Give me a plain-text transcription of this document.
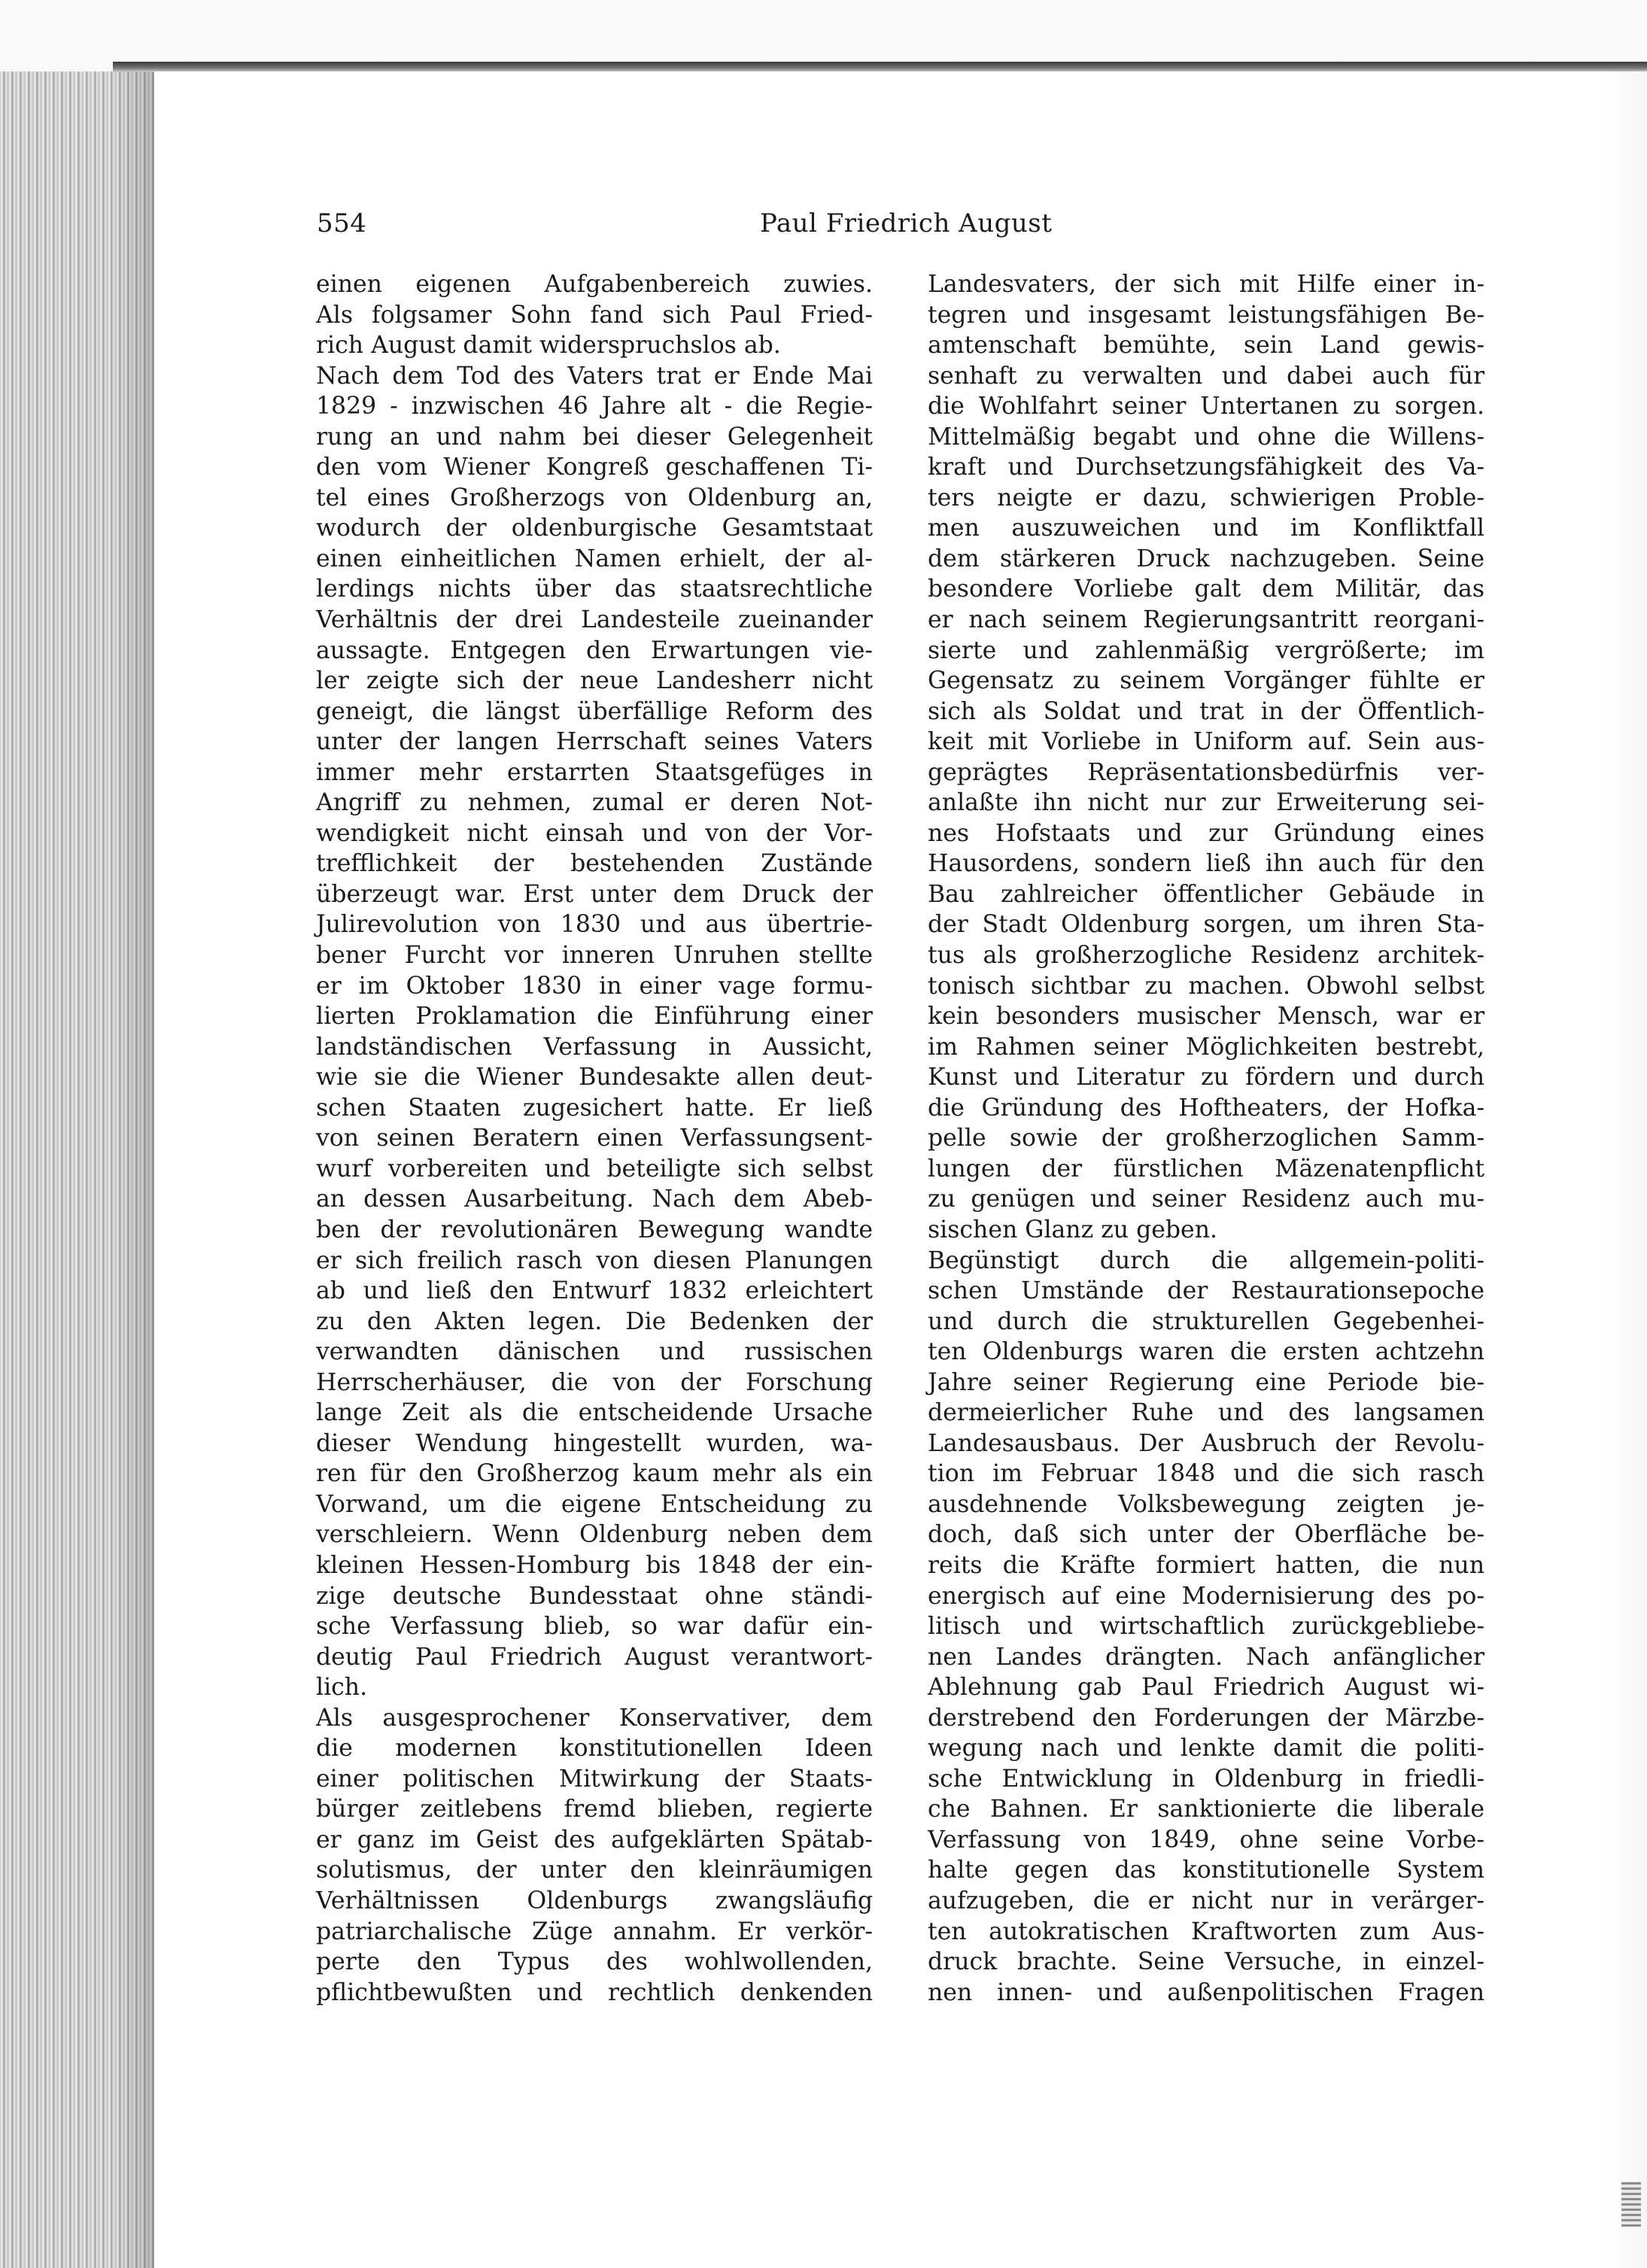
554	Paul Friedrich August
einen eigenen Aufgabenbereich zuwies.
Als folgsamer Sohn fand sich Paul Fried-
rich August damit widerspruchslos ab.
Nach dem Tod des Vaters trat er Ende Mai
1829 - inzwischen 46 Jahre alt - die Regie-
rung an und nahm bei dieser Gelegenheit
den vom Wiener Kongreß geschaffenen Ti-
tel eines Großherzogs von Oldenburg an,
wodurch der oldenburgische Gesamtstaat
einen einheitlichen Namen erhielt, der al-
lerdings nichts über das staatsrechtliche
Verhältnis der drei Landesteile zueinander
aussagte. Entgegen den Erwartungen vie-
ler zeigte sich der neue Landesherr nicht
geneigt, die längst überfällige Reform des
unter der langen Herrschaft seines Vaters
immer mehr erstarrten Staatsgefüges in
Angriff zu nehmen, zumal er deren Not-
wendigkeit nicht einsah und von der Vor-
trefflichkeit der bestehenden Zustände
überzeugt war. Erst unter dem Druck der
Julirevolution von 1830 und aus übertrie-
bener Furcht vor inneren Unruhen stellte
er im Oktober 1830 in einer vage formu-
lierten Proklamation die Einführung einer
landständischen Verfassung in Aussicht,
wie sie die Wiener Bundesakte allen deut-
schen Staaten zugesichert hatte. Er ließ
von seinen Beratern einen Verfassungsent-
wurf vorbereiten und beteiligte sich selbst
an dessen Ausarbeitung. Nach dem Abeb-
ben der revolutionären Bewegung wandte
er sich freilich rasch von diesen Planungen
ab und ließ den Entwurf 1832 erleichtert
zu den Akten legen. Die Bedenken der
verwandten dänischen und russischen
Herrscherhäuser, die von der Forschung
lange Zeit als die entscheidende Ursache
dieser Wendung hingestellt wurden, wa-
ren für den Großherzog kaum mehr als ein
Vorwand, um die eigene Entscheidung zu
verschleiern. Wenn Oldenburg neben dem
kleinen Hessen-Homburg bis 1848 der ein-
zige deutsche Bundesstaat ohne ständi-
sche Verfassung blieb, so war dafür ein-
deutig Paul Friedrich August verantwort-
lich.
Als ausgesprochener Konservativer, dem
die modernen konstitutionellen Ideen
einer politischen Mitwirkung der Staats-
bürger zeitlebens fremd blieben, regierte
er ganz im Geist des aufgeklärten Spätab-
solutismus, der unter den kleinräumigen
Verhältnissen Oldenburgs zwangsläufig
patriarchalische Züge annahm. Er verkör-
perte den Typus des wohlwollenden,
pflichtbewußten und rechtlich denkenden
Landesvaters, der sich mit Hilfe einer in-
tegren und insgesamt leistungsfähigen Be-
amtenschaft bemühte, sein Land gewis-
senhaft zu verwalten und dabei auch für
die Wohlfahrt seiner Untertanen zu sorgen.
Mittelmäßig begabt und ohne die Willens-
kraft und Durchsetzungsfähigkeit des Va-
ters neigte er dazu, schwierigen Proble-
men auszuweichen und im Konfliktfall
dem stärkeren Druck nachzugeben. Seine
besondere Vorliebe galt dem Militär, das
er nach seinem Regierungsantritt reorgani-
sierte und zahlenmäßig vergrößerte; im
Gegensatz zu seinem Vorgänger fühlte er
sich als Soldat und trat in der Öffentlich-
keit mit Vorliebe in Uniform auf. Sein aus-
geprägtes Repräsentationsbedürfnis ver-
anlaßte ihn nicht nur zur Erweiterung sei-
nes Hofstaats und zur Gründung eines
Hausordens, sondern ließ ihn auch für den
Bau zahlreicher öffentlicher Gebäude in
der Stadt Oldenburg sorgen, um ihren Sta-
tus als großherzogliche Residenz architek-
tonisch sichtbar zu machen. Obwohl selbst
kein besonders musischer Mensch, war er
im Rahmen seiner Möglichkeiten bestrebt,
Kunst und Literatur zu fördern und durch
die Gründung des Hoftheaters, der Hofka-
pelle sowie der großherzoglichen Samm-
lungen der fürstlichen Mäzenatenpflicht
zu genügen und seiner Residenz auch mu-
sischen Glanz zu geben.
Begünstigt durch die allgemein-politi-
schen Umstände der Restaurationsepoche
und durch die strukturellen Gegebenhei-
ten Oldenburgs waren die ersten achtzehn
Jahre seiner Regierung eine Periode bie-
dermeierlicher Ruhe und des langsamen
Landesausbaus. Der Ausbruch der Revolu-
tion im Februar 1848 und die sich rasch
ausdehnende Volksbewegung zeigten je-
doch, daß sich unter der Oberfläche be-
reits die Kräfte formiert hatten, die nun
energisch auf eine Modernisierung des po-
litisch und wirtschaftlich zurückgebliebe-
nen Landes drängten. Nach anfänglicher
Ablehnung gab Paul Friedrich August wi-
derstrebend den Forderungen der Märzbe-
wegung nach und lenkte damit die politi-
sche Entwicklung in Oldenburg in friedli-
che Bahnen. Er sanktionierte die liberale
Verfassung von 1849, ohne seine Vorbe-
halte gegen das konstitutionelle System
aufzugeben, die er nicht nur in verärger-
ten autokratischen Kraftworten zum Aus-
druck brachte. Seine Versuche, in einzel-
nen innen- und außenpolitischen Fragen
